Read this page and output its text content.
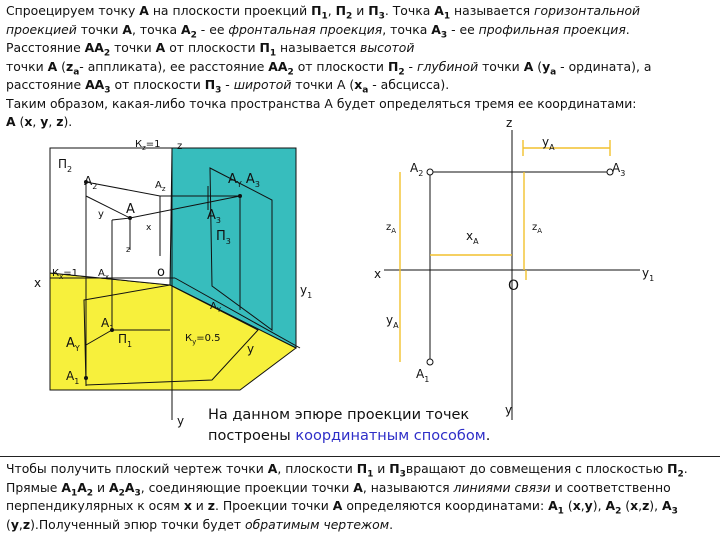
Спроецируем точку А на плоскости проекций $П_1$, $П_2$ и $П_3$. Точка $А_1$ называется горизонтальной
проекцией точки А, точка $А_2$ - ее фронтальная проекция, точка $А_3$ - ее профильная проекция.
Расстояние $АА_2$ точки А от плоскости $П_1$ называется высотой
точки А ($z_a-$ аппликата), ее расстояние $АА_2$ от плоскости $П_2$ - глубиной точки А ($y_a$ - ордината), а
расстояние $АА_3$ от плоскости $П_3$ - широтой точки А ($х_a$ - абсцисса).
Таким образом, какая-либо точка пространства А будет определяться тремя ее координатами:
А (х, у, z).
$П_2$
$А_2$	$А_z$
$А_Y$ $А_3$
А
у
x
$А_3$
$П_3$
z
$К_z=1$ z
x
$К_x=1$ $А_x$	о
$у_1$
$А_Y$
$А_1$
$П_1$
$К_y=0.5$
у
$А_Y$
$А_1$
у
z
$у_А$
$А_2$	$А_3$
$z_А$	$z_А$
$х_А$
x
O
$у_1$
$у_А$
$А_1$
у
На данном эпюре проекции точек
построены координатным способом.
Чтобы получить плоский чертеж точки А, плоскости $П_1$ и $П_3вращают$ до совмещения с плоскостью $П_2$.
Прямые $А_1А_2$ и $А_2А_3$, соединяющие проекции точки А, называются линиями связи и соответственно
перпендикулярных к осям х и z. Проекции точки А определяются координатами: $А_1$ (х,у), $А_2$ (х,z), $А_3$
(у,z).Полученный эпюр точки будет обратимым чертежом.
